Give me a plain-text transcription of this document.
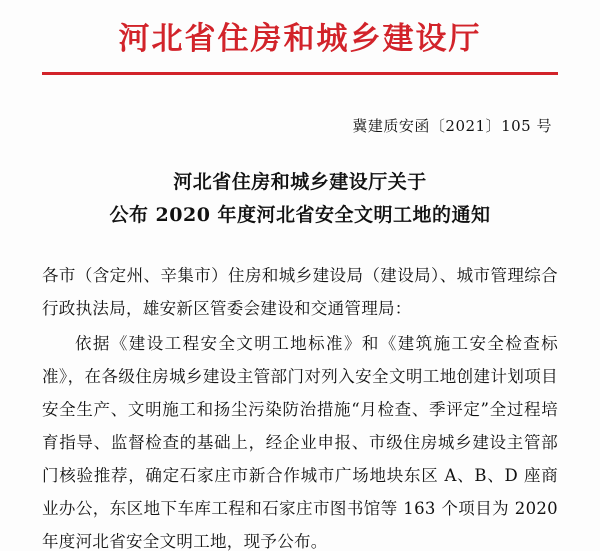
河北省住房和城乡建设厅
冀建质安函〔2021〕105 号
河北省住房和城乡建设厅关于
公布 2020 年度河北省安全文明工地的通知

各市（含定州、辛集市）住房和城乡建设局（建设局）、城市管理综合行政执法局，雄安新区管委会建设和交通管理局：

依据《建设工程安全文明工地标准》和《建筑施工安全检查标准》，在各级住房城乡建设主管部门对列入安全文明工地创建计划项目安全生产、文明施工和扬尘污染防治措施“月检查、季评定”全过程培育指导、监督检查的基础上，经企业申报、市级住房城乡建设主管部门核验推荐，确定石家庄市新合作城市广场地块东区 A、B、D 座商业办公，东区地下车库工程和石家庄市图书馆等 163 个项目为 2020 年度河北省安全文明工地，现予公布。
